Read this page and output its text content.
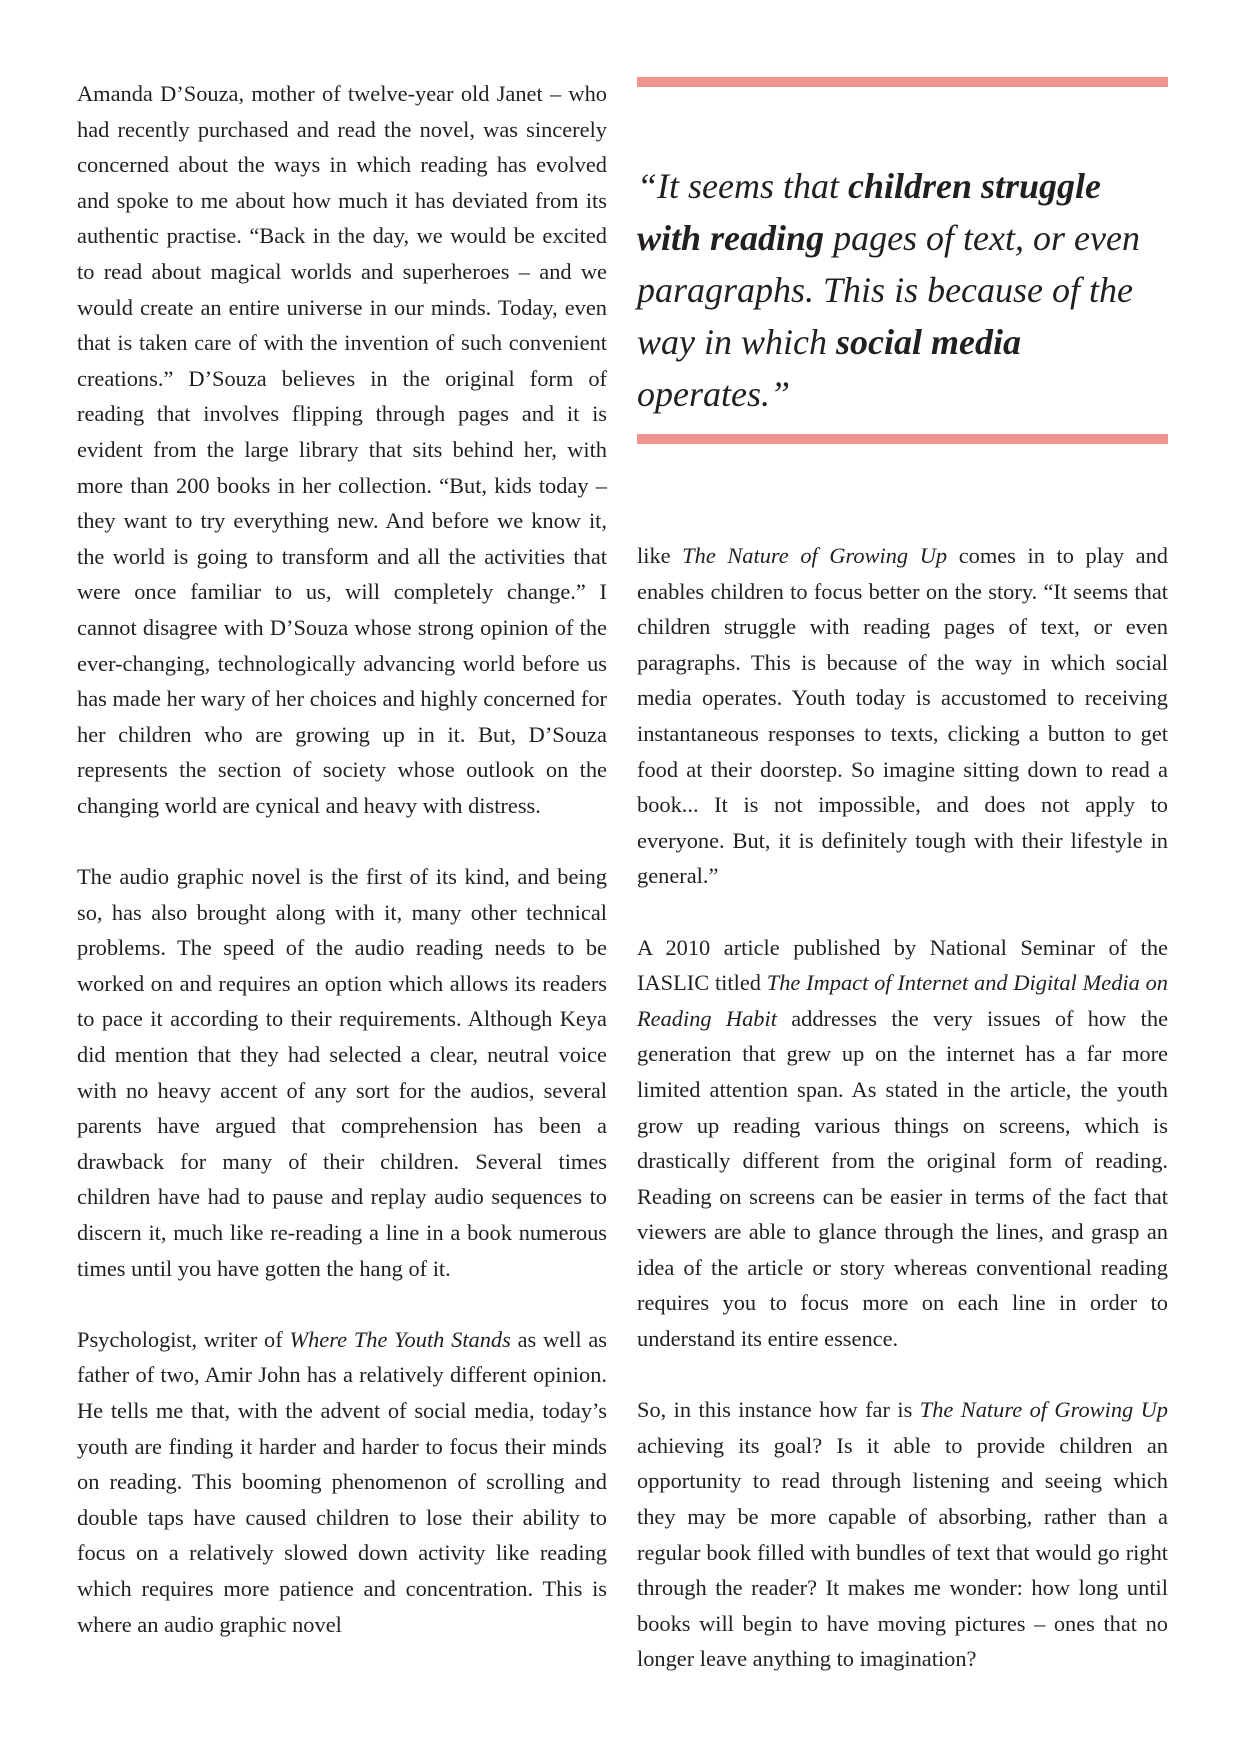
Amanda D’Souza, mother of twelve-year old Janet – who had recently purchased and read the novel, was sincerely concerned about the ways in which reading has evolved and spoke to me about how much it has deviated from its authentic practise. “Back in the day, we would be excited to read about magical worlds and superheroes – and we would create an entire universe in our minds. Today, even that is taken care of with the invention of such convenient creations.” D’Souza believes in the original form of reading that involves flipping through pages and it is evident from the large library that sits behind her, with more than 200 books in her collection. “But, kids today – they want to try everything new. And before we know it, the world is going to transform and all the activities that were once familiar to us, will completely change.” I cannot disagree with D’Souza whose strong opinion of the ever-changing, technologically advancing world before us has made her wary of her choices and highly concerned for her children who are growing up in it. But, D’Souza represents the section of society whose outlook on the changing world are cynical and heavy with distress.

The audio graphic novel is the first of its kind, and being so, has also brought along with it, many other technical problems. The speed of the audio reading needs to be worked on and requires an option which allows its readers to pace it according to their requirements. Although Keya did mention that they had selected a clear, neutral voice with no heavy accent of any sort for the audios, several parents have argued that comprehension has been a drawback for many of their children. Several times children have had to pause and replay audio sequences to discern it, much like re-reading a line in a book numerous times until you have gotten the hang of it.

Psychologist, writer of Where The Youth Stands as well as father of two, Amir John has a relatively different opinion. He tells me that, with the advent of social media, today’s youth are finding it harder and harder to focus their minds on reading. This booming phenomenon of scrolling and double taps have caused children to lose their ability to focus on a relatively slowed down activity like reading which requires more patience and concentration. This is where an audio graphic novel

“It seems that children struggle with reading pages of text, or even paragraphs. This is because of the way in which social media operates.”

like The Nature of Growing Up comes in to play and enables children to focus better on the story. “It seems that children struggle with reading pages of text, or even paragraphs. This is because of the way in which social media operates. Youth today is accustomed to receiving instantaneous responses to texts, clicking a button to get food at their doorstep. So imagine sitting down to read a book... It is not impossible, and does not apply to everyone. But, it is definitely tough with their lifestyle in general.”

A 2010 article published by National Seminar of the IASLIC titled The Impact of Internet and Digital Media on Reading Habit addresses the very issues of how the generation that grew up on the internet has a far more limited attention span. As stated in the article, the youth grow up reading various things on screens, which is drastically different from the original form of reading. Reading on screens can be easier in terms of the fact that viewers are able to glance through the lines, and grasp an idea of the article or story whereas conventional reading requires you to focus more on each line in order to understand its entire essence.

So, in this instance how far is The Nature of Growing Up achieving its goal? Is it able to provide children an opportunity to read through listening and seeing which they may be more capable of absorbing, rather than a regular book filled with bundles of text that would go right through the reader? It makes me wonder: how long until books will begin to have moving pictures – ones that no longer leave anything to imagination?
